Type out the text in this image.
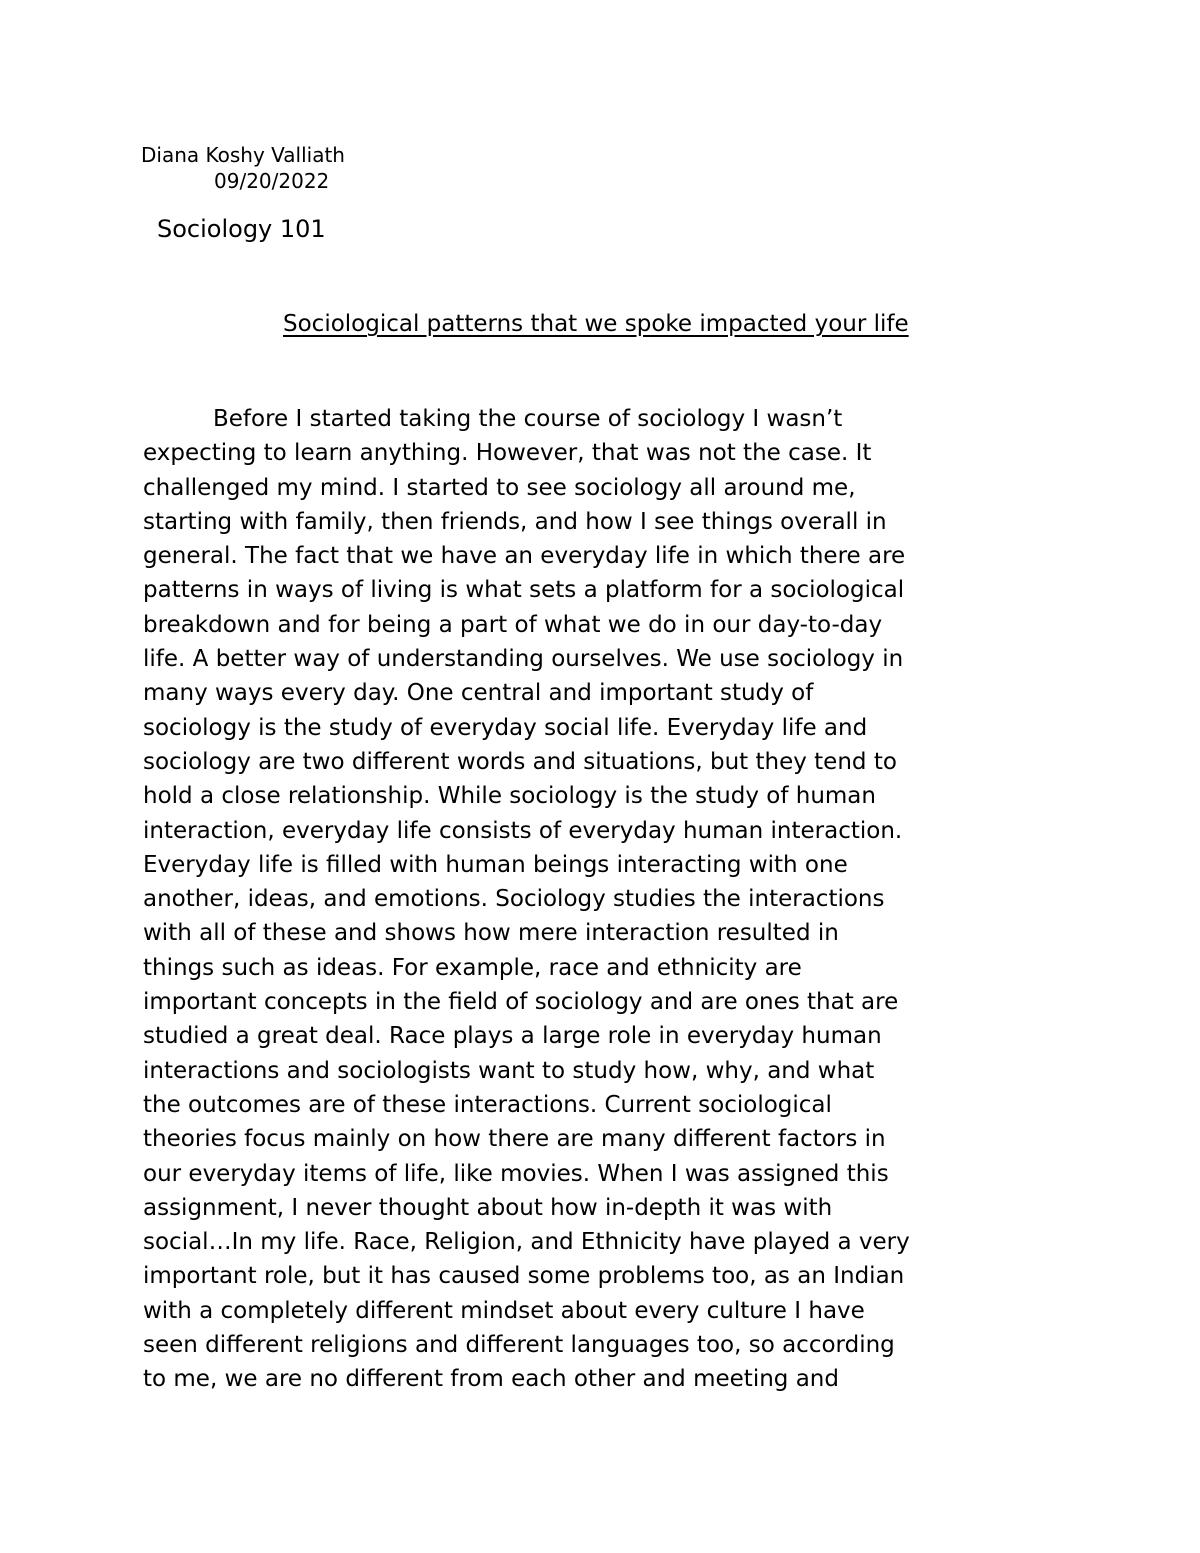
Diana Koshy Valliath
09/20/2022
Sociology 101
Sociological patterns that we spoke impacted your life
Before I started taking the course of sociology I wasn’t
expecting to learn anything. However, that was not the case. It
challenged my mind. I started to see sociology all around me,
starting with family, then friends, and how I see things overall in
general. The fact that we have an everyday life in which there are
patterns in ways of living is what sets a platform for a sociological
breakdown and for being a part of what we do in our day-to-day
life. A better way of understanding ourselves. We use sociology in
many ways every day. One central and important study of
sociology is the study of everyday social life. Everyday life and
sociology are two different words and situations, but they tend to
hold a close relationship. While sociology is the study of human
interaction, everyday life consists of everyday human interaction.
Everyday life is filled with human beings interacting with one
another, ideas, and emotions. Sociology studies the interactions
with all of these and shows how mere interaction resulted in
things such as ideas. For example, race and ethnicity are
important concepts in the field of sociology and are ones that are
studied a great deal. Race plays a large role in everyday human
interactions and sociologists want to study how, why, and what
the outcomes are of these interactions. Current sociological
theories focus mainly on how there are many different factors in
our everyday items of life, like movies. When I was assigned this
assignment, I never thought about how in-depth it was with
social…In my life. Race, Religion, and Ethnicity have played a very
important role, but it has caused some problems too, as an Indian
with a completely different mindset about every culture I have
seen different religions and different languages too, so according
to me, we are no different from each other and meeting and
